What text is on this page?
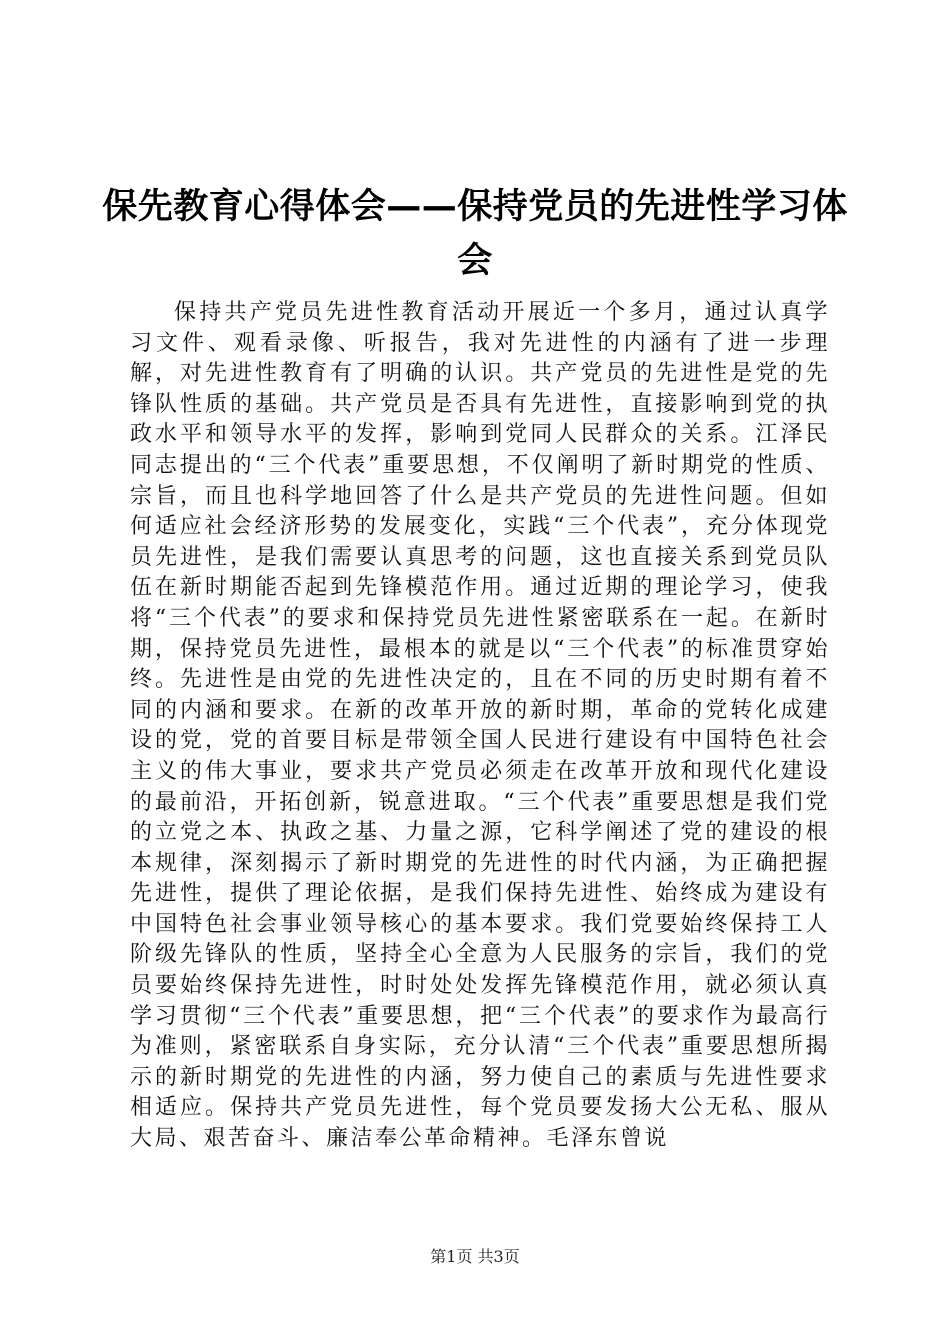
保先教育心得体会——保持党员的先进性学习体会

保持共产党员先进性教育活动开展近一个多月，通过认真学习文件、观看录像、听报告，我对先进性的内涵有了进一步理解，对先进性教育有了明确的认识。共产党员的先进性是党的先锋队性质的基础。共产党员是否具有先进性，直接影响到党的执政水平和领导水平的发挥，影响到党同人民群众的关系。江泽民同志提出的“三个代表”重要思想，不仅阐明了新时期党的性质、宗旨，而且也科学地回答了什么是共产党员的先进性问题。但如何适应社会经济形势的发展变化，实践“三个代表”，充分体现党员先进性，是我们需要认真思考的问题，这也直接关系到党员队伍在新时期能否起到先锋模范作用。通过近期的理论学习，使我将“三个代表”的要求和保持党员先进性紧密联系在一起。在新时期，保持党员先进性，最根本的就是以“三个代表”的标准贯穿始终。先进性是由党的先进性决定的，且在不同的历史时期有着不同的内涵和要求。在新的改革开放的新时期，革命的党转化成建设的党，党的首要目标是带领全国人民进行建设有中国特色社会主义的伟大事业，要求共产党员必须走在改革开放和现代化建设的最前沿，开拓创新，锐意进取。“三个代表”重要思想是我们党的立党之本、执政之基、力量之源，它科学阐述了党的建设的根本规律，深刻揭示了新时期党的先进性的时代内涵，为正确把握先进性，提供了理论依据，是我们保持先进性、始终成为建设有中国特色社会事业领导核心的基本要求。我们党要始终保持工人阶级先锋队的性质，坚持全心全意为人民服务的宗旨，我们的党员要始终保持先进性，时时处处发挥先锋模范作用，就必须认真学习贯彻“三个代表”重要思想，把“三个代表”的要求作为最高行为准则，紧密联系自身实际，充分认清“三个代表”重要思想所揭示的新时期党的先进性的内涵，努力使自己的素质与先进性要求相适应。保持共产党员先进性，每个党员要发扬大公无私、服从大局、艰苦奋斗、廉洁奉公革命精神。毛泽东曾说

第1页 共3页
